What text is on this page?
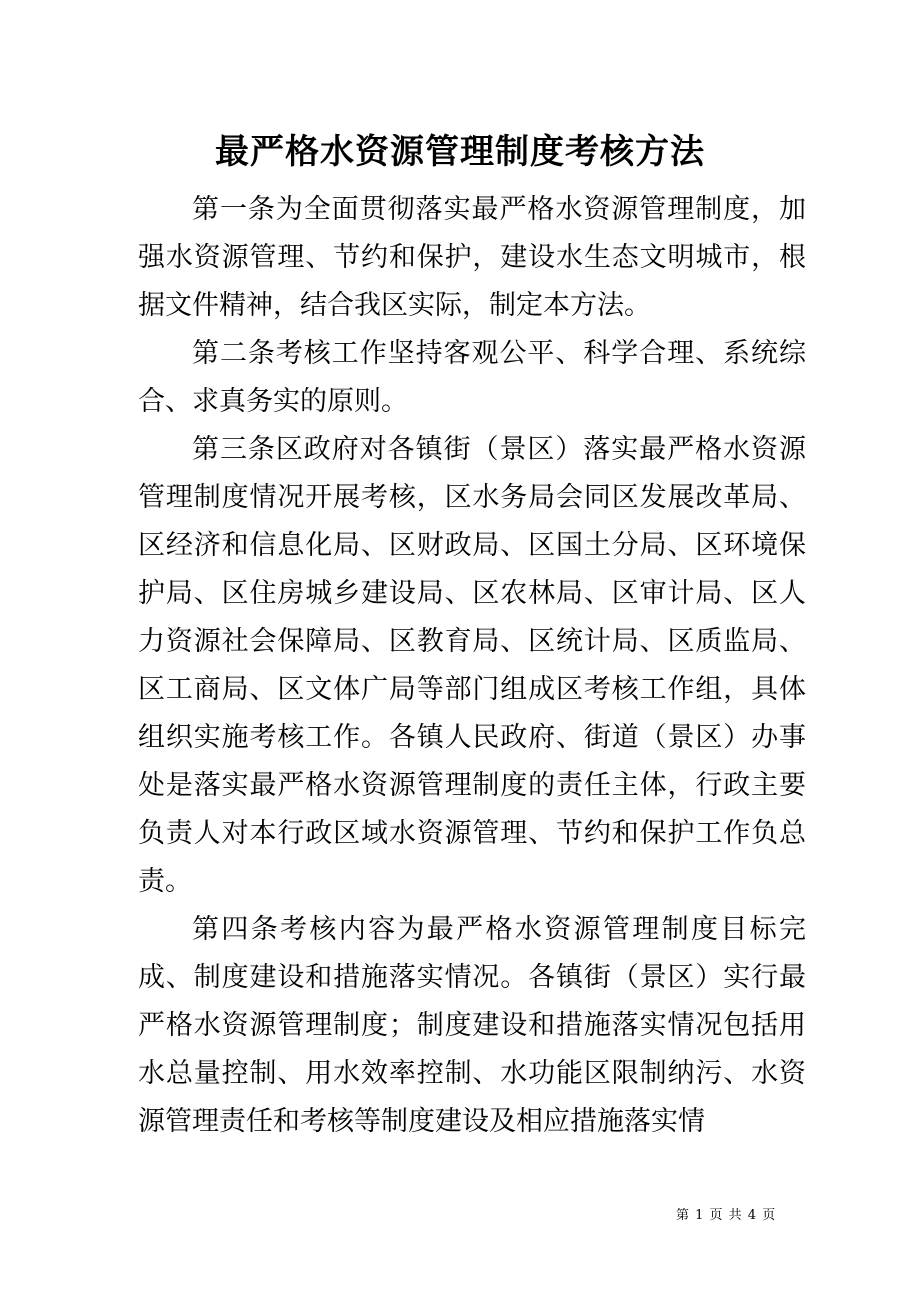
最严格水资源管理制度考核方法

第一条为全面贯彻落实最严格水资源管理制度，加强水资源管理、节约和保护，建设水生态文明城市，根据文件精神，结合我区实际，制定本方法。

第二条考核工作坚持客观公平、科学合理、系统综合、求真务实的原则。

第三条区政府对各镇街（景区）落实最严格水资源管理制度情况开展考核，区水务局会同区发展改革局、区经济和信息化局、区财政局、区国土分局、区环境保护局、区住房城乡建设局、区农林局、区审计局、区人力资源社会保障局、区教育局、区统计局、区质监局、区工商局、区文体广局等部门组成区考核工作组，具体组织实施考核工作。各镇人民政府、街道（景区）办事处是落实最严格水资源管理制度的责任主体，行政主要负责人对本行政区域水资源管理、节约和保护工作负总责。

第四条考核内容为最严格水资源管理制度目标完成、制度建设和措施落实情况。各镇街（景区）实行最严格水资源管理制度；制度建设和措施落实情况包括用水总量控制、用水效率控制、水功能区限制纳污、水资源管理责任和考核等制度建设及相应措施落实情

第 1 页 共 4 页
